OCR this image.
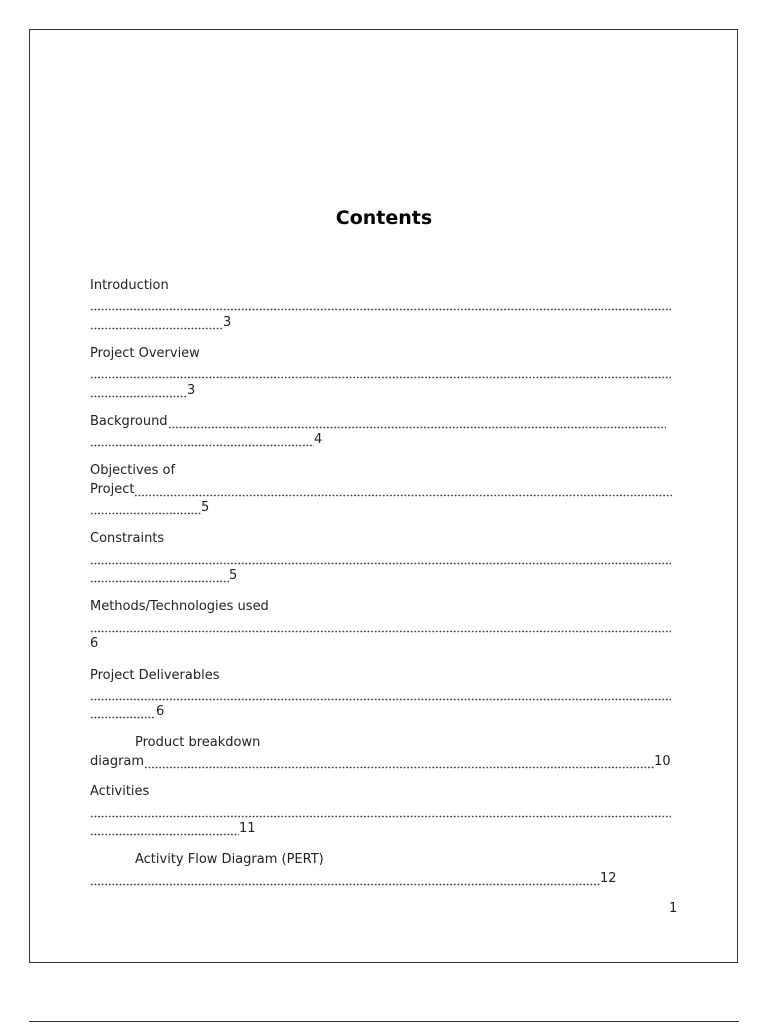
Contents
Introduction
3
Project Overview
3
Background
4
Objectives of
Project
5
Constraints
5
Methods/Technologies used
6
Project Deliverables
6
Product breakdown
diagram	10
Activities
11
Activity Flow Diagram (PERT)
12
1
